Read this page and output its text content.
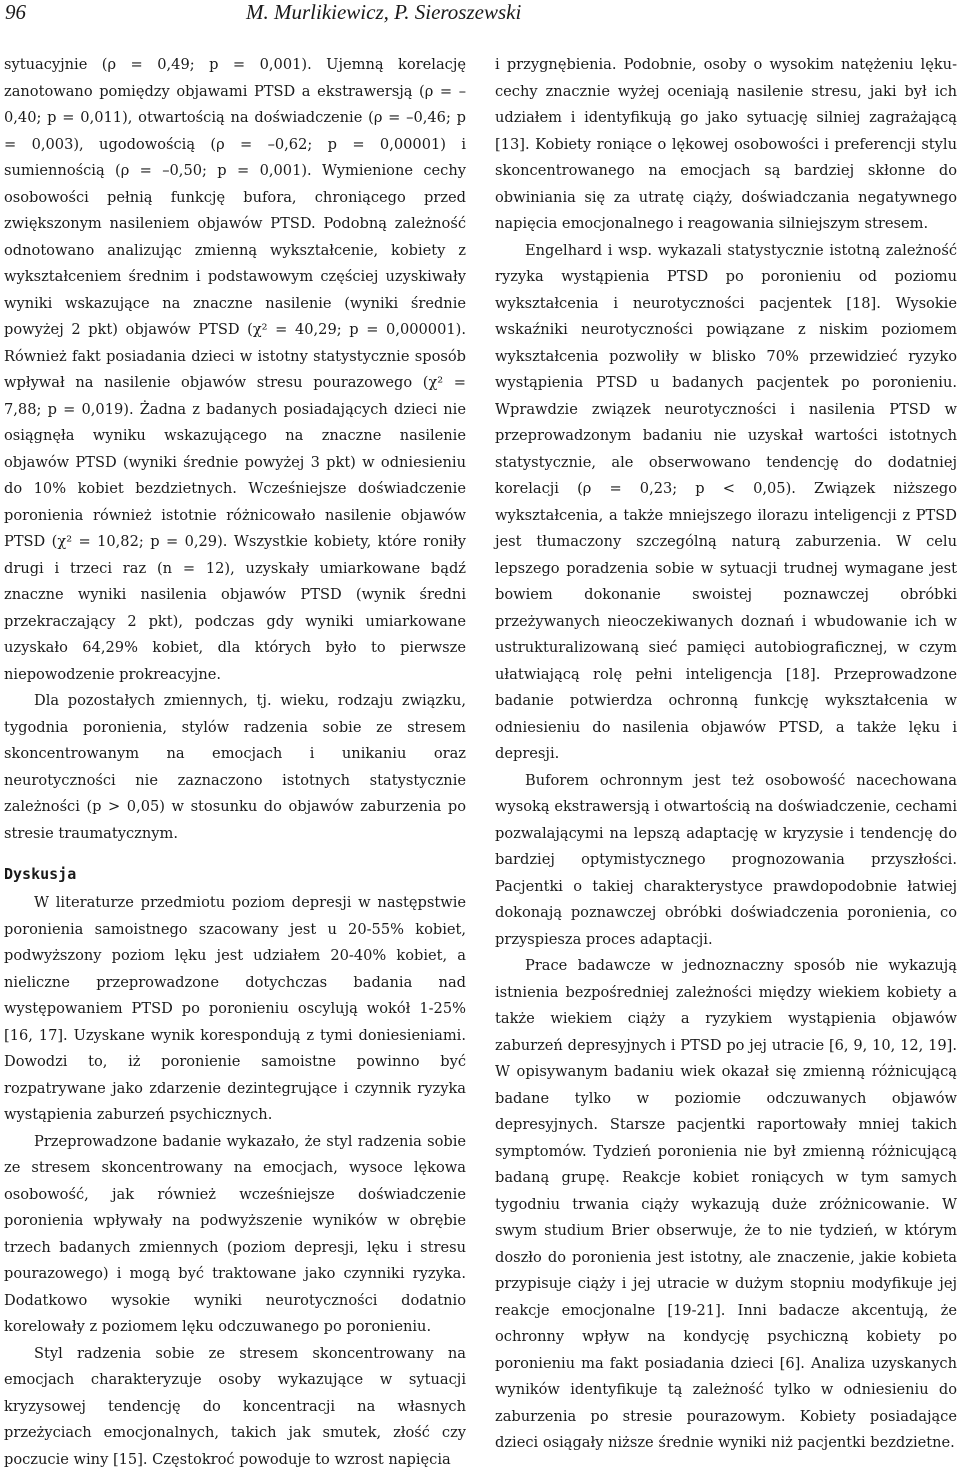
96	M. Murlikiewicz, P. Sieroszewski

sytuacyjnie (ρ = 0,49; p = 0,001). Ujemną korelację zanotowano pomiędzy objawami PTSD a ekstrawersją (ρ = –0,40; p = 0,011), otwartością na doświadczenie (ρ = –0,46; p = 0,003), ugodowością (ρ = –0,62; p = 0,00001) i sumiennością (ρ = –0,50; p = 0,001). Wymienione cechy osobowości pełnią funkcję bufora, chroniącego przed zwiększonym nasileniem objawów PTSD. Podobną zależność odnotowano analizując zmienną wykształcenie, kobiety z wykształceniem średnim i podstawowym częściej uzyskiwały wyniki wskazujące na znaczne nasilenie (wyniki średnie powyżej 2 pkt) objawów PTSD (χ² = 40,29; p = 0,000001). Również fakt posiadania dzieci w istotny statystycznie sposób wpływał na nasilenie objawów stresu pourazowego (χ² = 7,88; p = 0,019). Żadna z badanych posiadających dzieci nie osiągnęła wyniku wskazującego na znaczne nasilenie objawów PTSD (wyniki średnie powyżej 3 pkt) w odniesieniu do 10% kobiet bezdzietnych. Wcześniejsze doświadczenie poronienia również istotnie różnicowało nasilenie objawów PTSD (χ² = 10,82; p = 0,29). Wszystkie kobiety, które roniły drugi i trzeci raz (n = 12), uzyskały umiarkowane bądź znaczne wyniki nasilenia objawów PTSD (wynik średni przekraczający 2 pkt), podczas gdy wyniki umiarkowane uzyskało 64,29% kobiet, dla których było to pierwsze niepowodzenie prokreacyjne.

Dla pozostałych zmiennych, tj. wieku, rodzaju związku, tygodnia poronienia, stylów radzenia sobie ze stresem skoncentrowanym na emocjach i unikaniu oraz neurotyczności nie zaznaczono istotnych statystycznie zależności (p > 0,05) w stosunku do objawów zaburzenia po stresie traumatycznym.

Dyskusja

W literaturze przedmiotu poziom depresji w następstwie poronienia samoistnego szacowany jest u 20-55% kobiet, podwyższony poziom lęku jest udziałem 20-40% kobiet, a nieliczne przeprowadzone dotychczas badania nad występowaniem PTSD po poronieniu oscylują wokół 1-25% [16, 17]. Uzyskane wynik korespondują z tymi doniesieniami. Dowodzi to, iż poronienie samoistne powinno być rozpatrywane jako zdarzenie dezintegrujące i czynnik ryzyka wystąpienia zaburzeń psychicznych.

Przeprowadzone badanie wykazało, że styl radzenia sobie ze stresem skoncentrowany na emocjach, wysoce lękowa osobowość, jak również wcześniejsze doświadczenie poronienia wpływały na podwyższenie wyników w obrębie trzech badanych zmiennych (poziom depresji, lęku i stresu pourazowego) i mogą być traktowane jako czynniki ryzyka. Dodatkowo wysokie wyniki neurotyczności dodatnio korelowały z poziomem lęku odczuwanego po poronieniu.

Styl radzenia sobie ze stresem skoncentrowany na emocjach charakteryzuje osoby wykazujące w sytuacji kryzysowej tendencję do koncentracji na własnych przeżyciach emocjonalnych, takich jak smutek, złość czy poczucie winy [15]. Częstokroć powoduje to wzrost napięcia

i przygnębienia. Podobnie, osoby o wysokim natężeniu lęku-cechy znacznie wyżej oceniają nasilenie stresu, jaki był ich udziałem i identyfikują go jako sytuację silniej zagrażającą [13]. Kobiety roniące o lękowej osobowości i preferencji stylu skoncentrowanego na emocjach są bardziej skłonne do obwiniania się za utratę ciąży, doświadczania negatywnego napięcia emocjonalnego i reagowania silniejszym stresem.

Engelhard i wsp. wykazali statystycznie istotną zależność ryzyka wystąpienia PTSD po poronieniu od poziomu wykształcenia i neurotyczności pacjentek [18]. Wysokie wskaźniki neurotyczności powiązane z niskim poziomem wykształcenia pozwoliły w blisko 70% przewidzieć ryzyko wystąpienia PTSD u badanych pacjentek po poronieniu. Wprawdzie związek neurotyczności i nasilenia PTSD w przeprowadzonym badaniu nie uzyskał wartości istotnych statystycznie, ale obserwowano tendencję do dodatniej korelacji (ρ = 0,23; p < 0,05). Związek niższego wykształcenia, a także mniejszego ilorazu inteligencji z PTSD jest tłumaczony szczególną naturą zaburzenia. W celu lepszego poradzenia sobie w sytuacji trudnej wymagane jest bowiem dokonanie swoistej poznawczej obróbki przeżywanych nieoczekiwanych doznań i wbudowanie ich w ustrukturalizowaną sieć pamięci autobiograficznej, w czym ułatwiającą rolę pełni inteligencja [18]. Przeprowadzone badanie potwierdza ochronną funkcję wykształcenia w odniesieniu do nasilenia objawów PTSD, a także lęku i depresji.

Buforem ochronnym jest też osobowość nacechowana wysoką ekstrawersją i otwartością na doświadczenie, cechami pozwalającymi na lepszą adaptację w kryzysie i tendencję do bardziej optymistycznego prognozowania przyszłości. Pacjentki o takiej charakterystyce prawdopodobnie łatwiej dokonają poznawczej obróbki doświadczenia poronienia, co przyspiesza proces adaptacji.

Prace badawcze w jednoznaczny sposób nie wykazują istnienia bezpośredniej zależności między wiekiem kobiety a także wiekiem ciąży a ryzykiem wystąpienia objawów zaburzeń depresyjnych i PTSD po jej utracie [6, 9, 10, 12, 19]. W opisywanym badaniu wiek okazał się zmienną różnicującą badane tylko w poziomie odczuwanych objawów depresyjnych. Starsze pacjentki raportowały mniej takich symptomów. Tydzień poronienia nie był zmienną różnicującą badaną grupę. Reakcje kobiet roniących w tym samych tygodniu trwania ciąży wykazują duże zróżnicowanie. W swym studium Brier obserwuje, że to nie tydzień, w którym doszło do poronienia jest istotny, ale znaczenie, jakie kobieta przypisuje ciąży i jej utracie w dużym stopniu modyfikuje jej reakcje emocjonalne [19-21]. Inni badacze akcentują, że ochronny wpływ na kondycję psychiczną kobiety po poronieniu ma fakt posiadania dzieci [6]. Analiza uzyskanych wyników identyfikuje tą zależność tylko w odniesieniu do zaburzenia po stresie pourazowym. Kobiety posiadające dzieci osiągały niższe średnie wyniki niż pacjentki bezdzietne.
